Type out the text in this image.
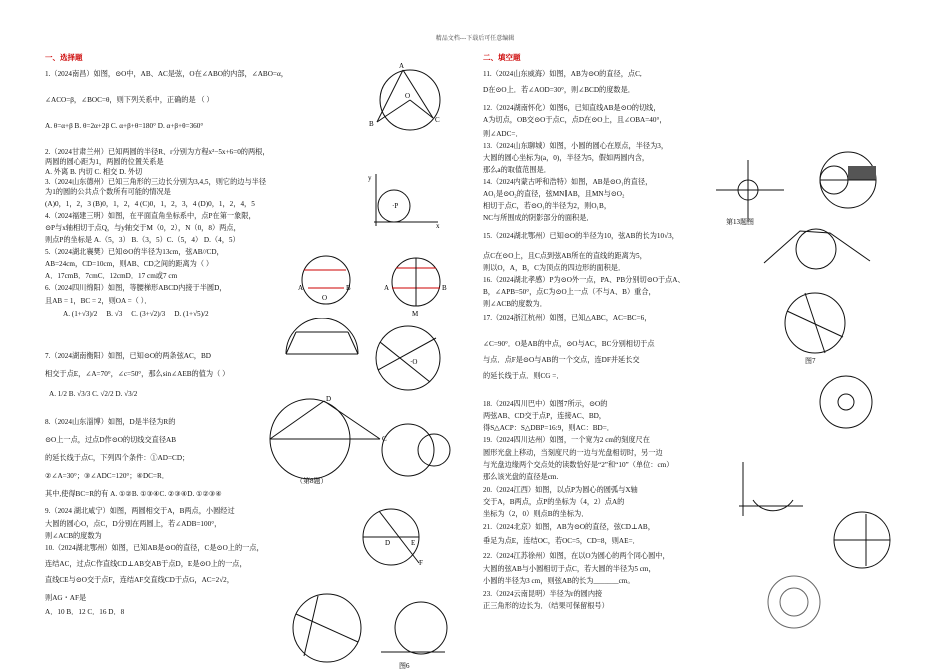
精品文档---下载后可任意编辑
一、选择题
1.（2024南昌）如图，⊙O中，AB、AC是弦，O在∠ABO的内部，∠ABO=α，
∠ACO=β，∠BOC=θ，则下列关系中，正确的是 （ ）
A. θ=α+β B. θ=2α+2β C. α+β+θ=180° D. α+β+θ=360°
2.（2024甘肃兰州）已知两圆的半径R、r分别为方程x²−5x+6=0的两根，
两圆的圆心距为1，两圆的位置关系是
A. 外离 B. 内切 C. 相交 D. 外切
3.（2024山东德州）已知三角形的三边长分别为3,4,5，则它的边与半径
为1的圆的公共点个数所有可能的情况是
(A)0，1，2，3 (B)0，1，2，4 (C)0，1，2，3，4 (D)0，1，2，4，5
4.（2024福建三明）如图，在平面直角坐标系中，点P在第一象限，
⊙P与x轴相切于点Q，与y轴交于M（0，2），N（0，8）两点，
则点P的坐标是 A.（5，3） B.（3，5）C.（5，4） D.（4，5）
5.（2024湖北襄樊）已知⊙O的半径为13cm，弦AB//CD，
AB=24cm，CD=10cm，则AB、CD之间的距离为（ ）
A．17cmB．7cmC．12cmD．17 cm或7 cm
6.（2024四川绵阳）如图，等腰梯形ABCD内接于半圆D，
且AB = 1，BC = 2，则OA =（ ）．
7.（2024湖南衡阳）如图，已知⊙O的两条弦AC，BD
相交于点E，∠A=70°，∠c=50°，那么sin∠AEB的值为（ ）
8.（2024山东淄博）如图，D是半径为R的
⊙O上一点，过点D作⊙O的切线交直径AB
的延长线于点C，下列四个条件：①AD=CD；
②∠A=30°；③∠ADC=120°；④DC=R．
其中,使得BC=R的有 A. ①②B. ①③④C. ②③④D. ①②③④
9.（2024 湖北咸宁）如图，两圆相交于A，B两点，小圆经过
大圆的圆心O，点C，D分别在两圆上，若∠ADB=100°，
则∠ACB的度数为
10.（2024湖北鄂州）如图，已知AB是⊙O的直径，C是⊙O上的一点，
连结AC，过点C作直线CD⊥AB交AB于点D，E是⊙O上的一点，
直线CE与⊙O交于点F，连结AF交直线CD于点G，AC=2√2，
则AG・AF是
A．10 B．12 C．16 D．8
A. (1+√3)/2 B. √3 C. (3+√2)/3 D. (1+√5)/2
A. 1/2 B. √3/3 C. √2/2 D. √3/2
二、填空题
11.（2024山东威海）如图，AB为⊙O的直径，点C,
D在⊙O上．若∠AOD=30°，则∠BCD的度数是．
12.（2024湖南怀化）如图6，已知直线AB是⊙O的切线，
A为切点，OB交⊙O于点C，点D在⊙O上，且∠OBA=40°，
则∠ADC=．
13.（2024山东聊城）如图，小圆的圆心在原点，半径为3，
大圆的圆心坐标为(a，0)，半径为5，假如两圆内含，
那么a的取值范围是．
14.（2024内蒙古呼和浩特）如图，AB是⊙O₁的直径，
AO₁是⊙O₂的直径，弦MN∥AB，且MN与⊙O₂
相切于点C，若⊙O₁的半径为2，则O₁B，
NC与所围成的阴影部分的面积是．
15.（2024湖北鄂州）已知⊙O的半径为10，弦AB的长为10√3，
点C在⊙O上，且C点到弦AB所在的直线的距离为5，
则以O，A，B，C为顶点的四边形的面积是．
16.（2024湖北孝感）P为⊙O外一点，PA、PB分别切⊙O于点A、
B，∠APB=50°，点C为⊙O上一点（不与A、B）重合，
则∠ACB的度数为．
17.（2024浙江杭州）如图，已知△ABC，AC=BC=6，
∠C=90°．O是AB的中点，⊙O与AC，BC分别相切于点
与点．点F是⊙O与AB的一个交点，连DF并延长交
的延长线于点．则CG =．
18.（2024四川巴中）如图7所示，⊙O的
两弦AB、CD交于点P，连接AC、BD，
得S△ACP：S△DBP=16:9，则AC：BD=．
19.（2024四川达州）如图，一个宽为2 cm的刻度尺在
圆形光盘上移动，当刻度尺的一边与光盘相切时，另一边
与光盘边缘两个交点处的读数恰好是“2”和“10”（单位：cm）
那么该光盘的直径是cm.
20.（2024江西）如图，以点P为圆心的圆弧与X轴
交于A，B两点，点P的坐标为（4，2）点A的
坐标为（2，0）则点B的坐标为．
21.（2024北京）如图，AB为⊙O的直径，弦CD⊥AB，
垂足为点E，连结OC，若OC=5，CD=8，则AE=．
22.（2024江苏徐州）如图，在以O为圆心的两个同心圆中，
大圆的弦AB与小圆相切于点C，若大圆的半径为5 cm，
小圆的半径为3 cm，则弦AB的长为_______cm。
23.（2024云南昆明）半径为r的圆内接
正三角形的边长为．（结果可保留根号）
A
B	C
O
·P
y
x
O
A	B
M
A	B
·O
D
C
（第8题）
D	E
F
图6
第13题图
图7
